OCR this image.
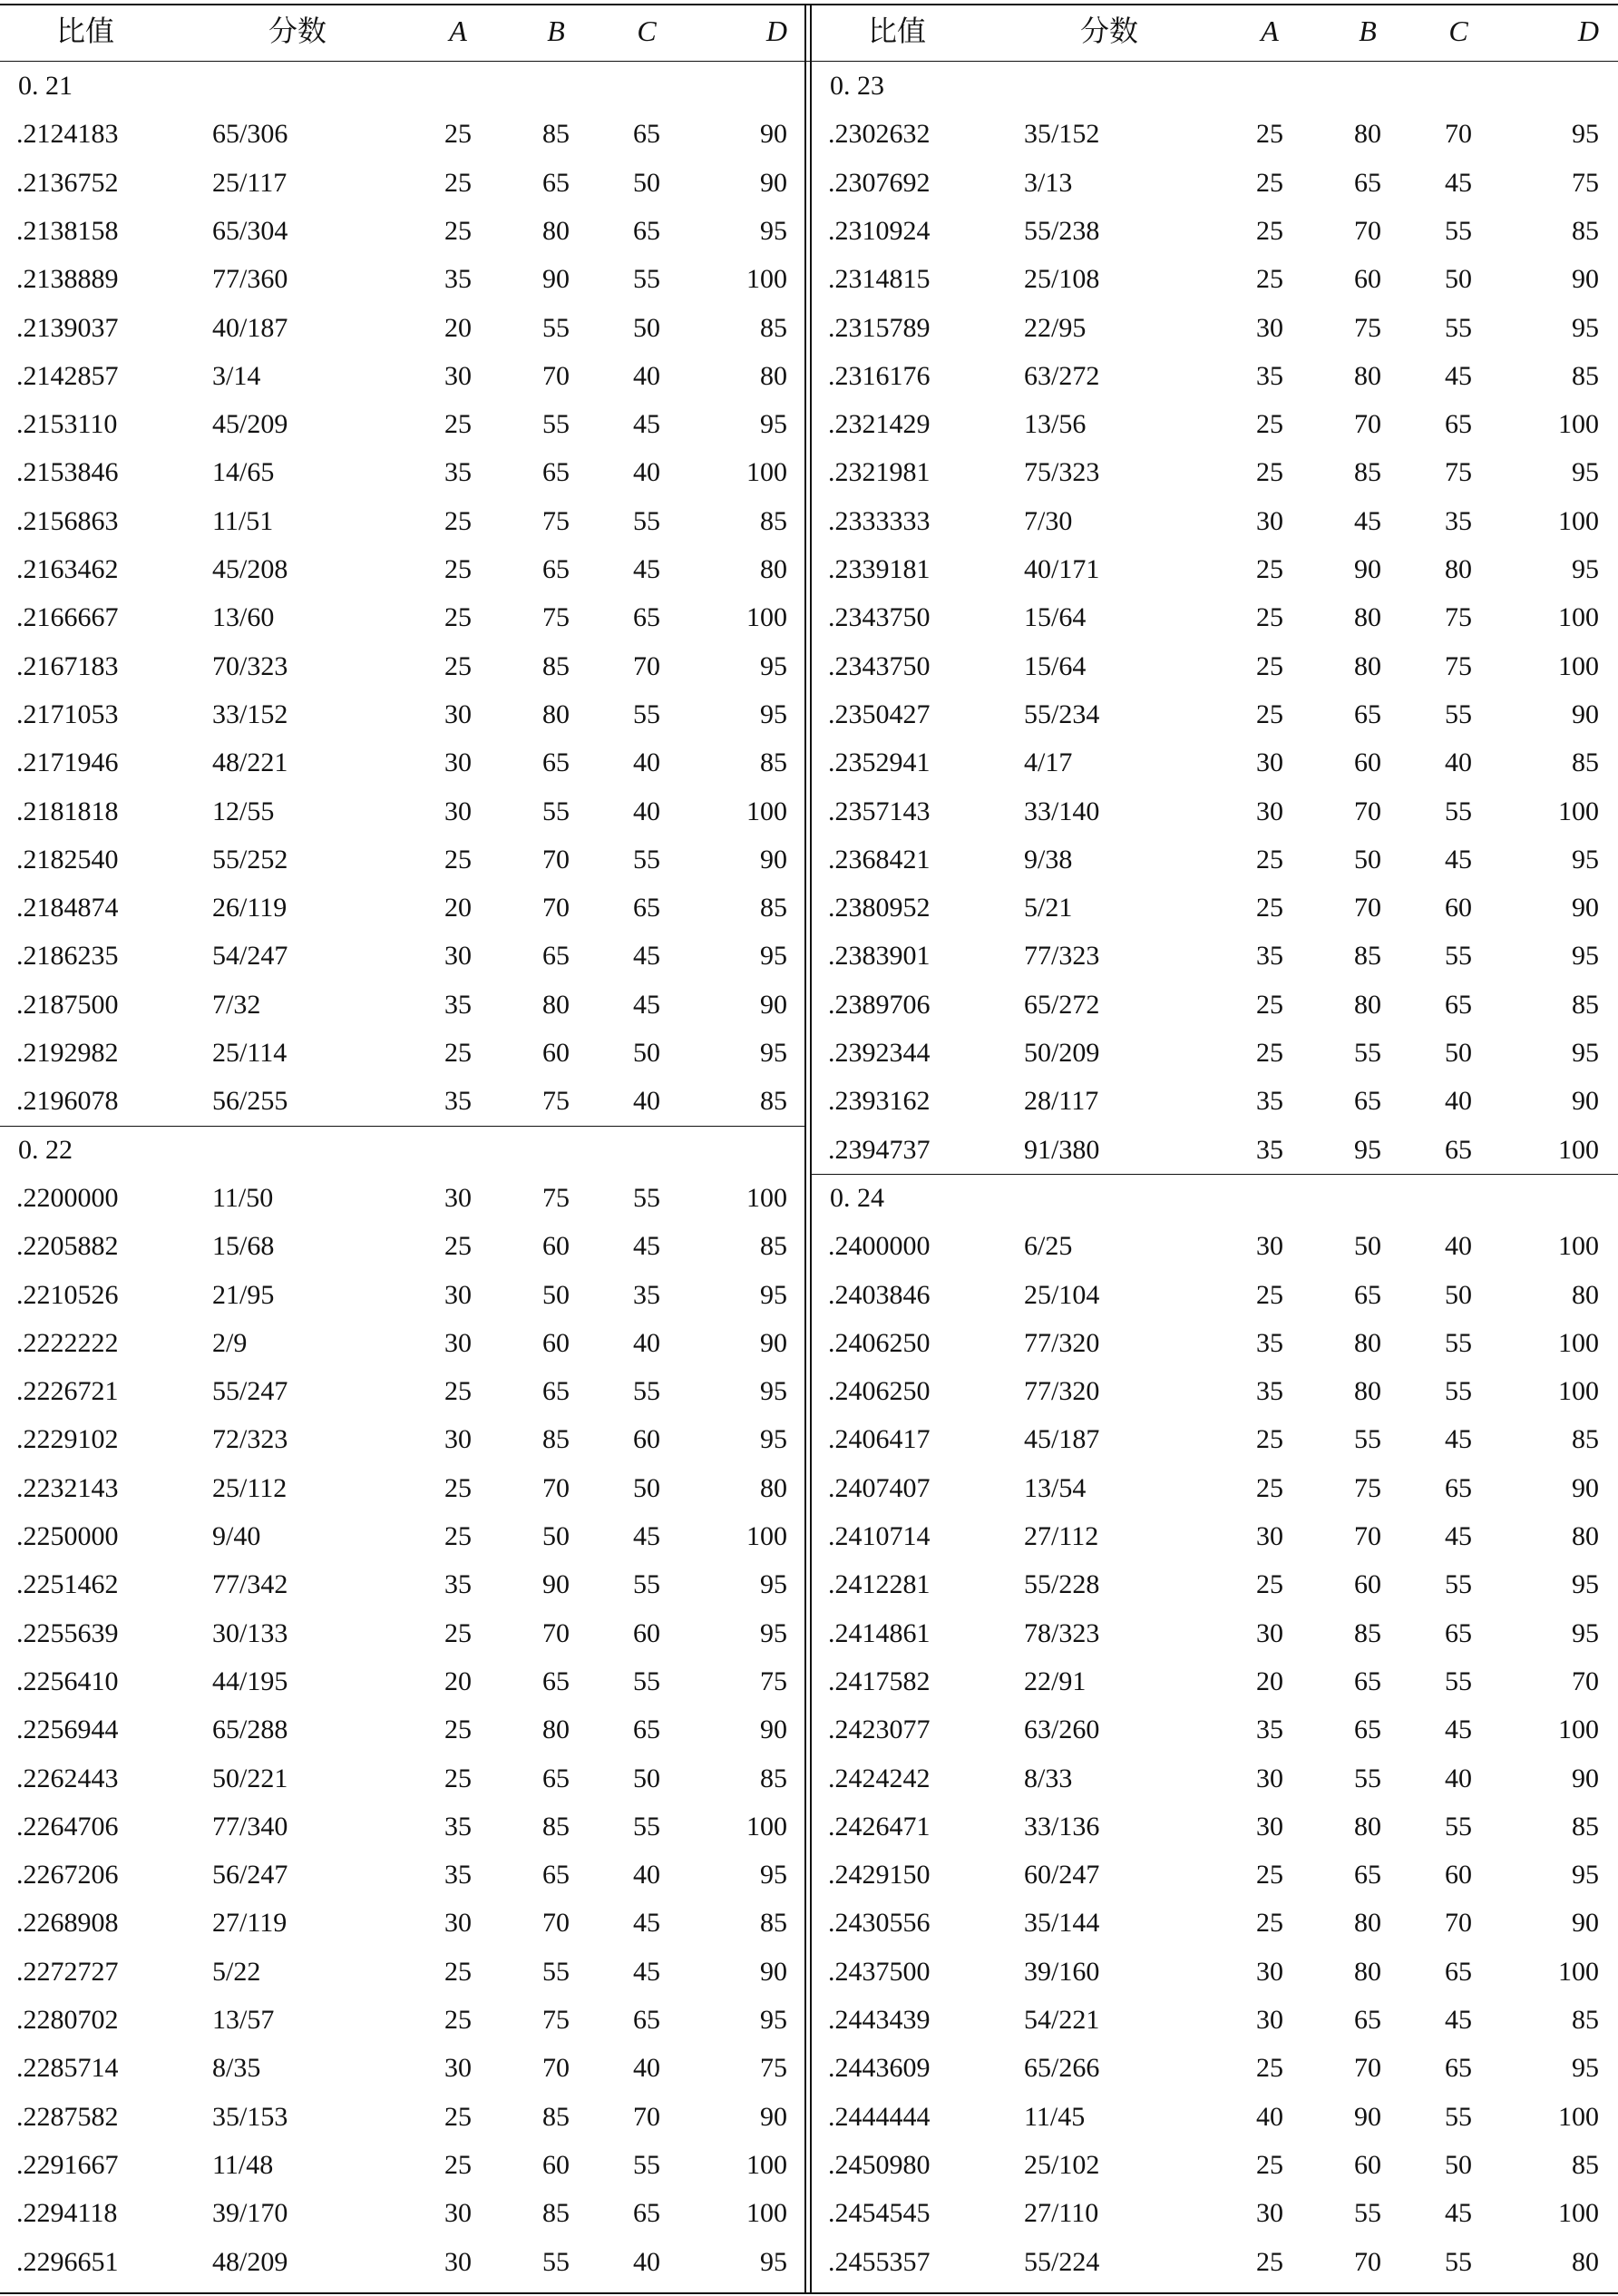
比值	分数	A	B	C	D
0. 21
.2124183	65/306	25	85	65	90
.2136752	25/117	25	65	50	90
.2138158	65/304	25	80	65	95
.2138889	77/360	35	90	55	100
.2139037	40/187	20	55	50	85
.2142857	3/14	30	70	40	80
.2153110	45/209	25	55	45	95
.2153846	14/65	35	65	40	100
.2156863	11/51	25	75	55	85
.2163462	45/208	25	65	45	80
.2166667	13/60	25	75	65	100
.2167183	70/323	25	85	70	95
.2171053	33/152	30	80	55	95
.2171946	48/221	30	65	40	85
.2181818	12/55	30	55	40	100
.2182540	55/252	25	70	55	90
.2184874	26/119	20	70	65	85
.2186235	54/247	30	65	45	95
.2187500	7/32	35	80	45	90
.2192982	25/114	25	60	50	95
.2196078	56/255	35	75	40	85
0. 22
.2200000	11/50	30	75	55	100
.2205882	15/68	25	60	45	85
.2210526	21/95	30	50	35	95
.2222222	2/9	30	60	40	90
.2226721	55/247	25	65	55	95
.2229102	72/323	30	85	60	95
.2232143	25/112	25	70	50	80
.2250000	9/40	25	50	45	100
.2251462	77/342	35	90	55	95
.2255639	30/133	25	70	60	95
.2256410	44/195	20	65	55	75
.2256944	65/288	25	80	65	90
.2262443	50/221	25	65	50	85
.2264706	77/340	35	85	55	100
.2267206	56/247	35	65	40	95
.2268908	27/119	30	70	45	85
.2272727	5/22	25	55	45	90
.2280702	13/57	25	75	65	95
.2285714	8/35	30	70	40	75
.2287582	35/153	25	85	70	90
.2291667	11/48	25	60	55	100
.2294118	39/170	30	85	65	100
.2296651	48/209	30	55	40	95
比值	分数	A	B	C	D
0. 23
.2302632	35/152	25	80	70	95
.2307692	3/13	25	65	45	75
.2310924	55/238	25	70	55	85
.2314815	25/108	25	60	50	90
.2315789	22/95	30	75	55	95
.2316176	63/272	35	80	45	85
.2321429	13/56	25	70	65	100
.2321981	75/323	25	85	75	95
.2333333	7/30	30	45	35	100
.2339181	40/171	25	90	80	95
.2343750	15/64	25	80	75	100
.2343750	15/64	25	80	75	100
.2350427	55/234	25	65	55	90
.2352941	4/17	30	60	40	85
.2357143	33/140	30	70	55	100
.2368421	9/38	25	50	45	95
.2380952	5/21	25	70	60	90
.2383901	77/323	35	85	55	95
.2389706	65/272	25	80	65	85
.2392344	50/209	25	55	50	95
.2393162	28/117	35	65	40	90
.2394737	91/380	35	95	65	100
0. 24
.2400000	6/25	30	50	40	100
.2403846	25/104	25	65	50	80
.2406250	77/320	35	80	55	100
.2406250	77/320	35	80	55	100
.2406417	45/187	25	55	45	85
.2407407	13/54	25	75	65	90
.2410714	27/112	30	70	45	80
.2412281	55/228	25	60	55	95
.2414861	78/323	30	85	65	95
.2417582	22/91	20	65	55	70
.2423077	63/260	35	65	45	100
.2424242	8/33	30	55	40	90
.2426471	33/136	30	80	55	85
.2429150	60/247	25	65	60	95
.2430556	35/144	25	80	70	90
.2437500	39/160	30	80	65	100
.2443439	54/221	30	65	45	85
.2443609	65/266	25	70	65	95
.2444444	11/45	40	90	55	100
.2450980	25/102	25	60	50	85
.2454545	27/110	30	55	45	100
.2455357	55/224	25	70	55	80
